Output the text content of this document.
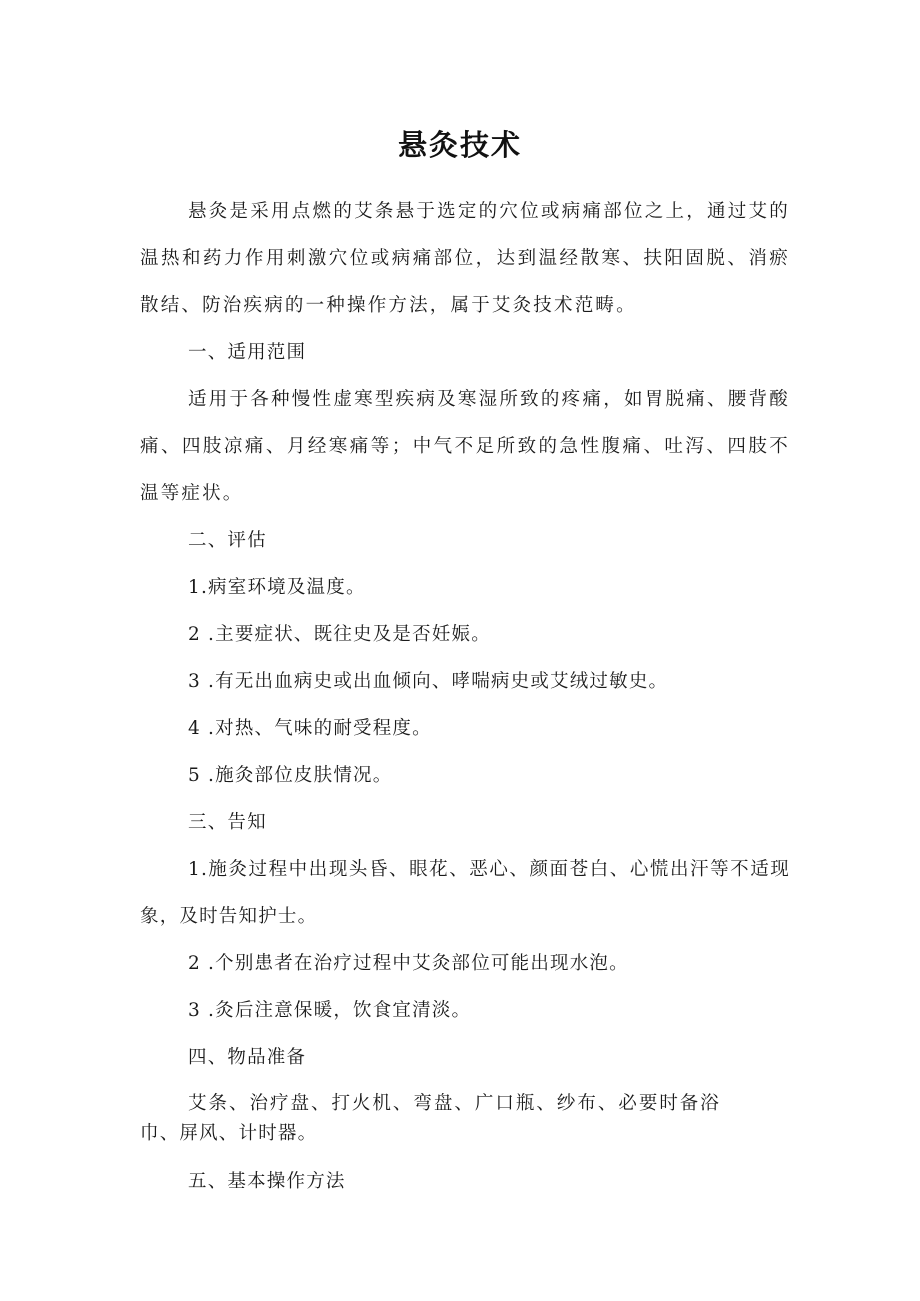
悬灸技术

悬灸是采用点燃的艾条悬于选定的穴位或病痛部位之上，通过艾的温热和药力作用刺激穴位或病痛部位，达到温经散寒、扶阳固脱、消瘀散结、防治疾病的一种操作方法，属于艾灸技术范畴。

一、适用范围

适用于各种慢性虚寒型疾病及寒湿所致的疼痛，如胃脱痛、腰背酸痛、四肢凉痛、月经寒痛等；中气不足所致的急性腹痛、吐泻、四肢不温等症状。

二、评估

1.病室环境及温度。

2 .主要症状、既往史及是否妊娠。

3 .有无出血病史或出血倾向、哮喘病史或艾绒过敏史。

4 .对热、气味的耐受程度。

5 .施灸部位皮肤情况。

三、告知

1.施灸过程中出现头昏、眼花、恶心、颜面苍白、心慌出汗等不适现象，及时告知护士。

2 .个别患者在治疗过程中艾灸部位可能出现水泡。

3 .灸后注意保暖，饮食宜清淡。

四、物品准备

艾条、治疗盘、打火机、弯盘、广口瓶、纱布、必要时备浴巾、屏风、计时器。

五、基本操作方法
